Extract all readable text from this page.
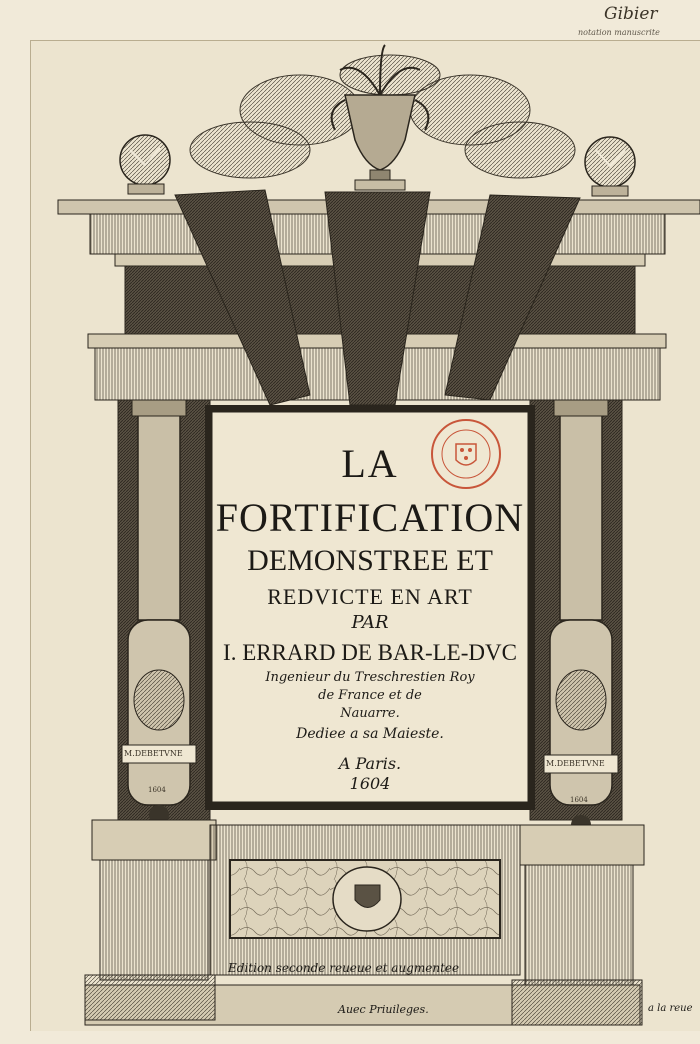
Gibier
notation manuscrite
LA
FORTIFICATION
DEMONSTREE ET
REDVICTE EN ART
PAR
I. ERRARD DE BAR-LE-DVC
Ingenieur du Treschrestien Roy
de France et de
Nauarre.
Dediee a sa Maieste.
A Paris.
1604
M.DEBETVNE
1604
M.DEBETVNE
1604
Edition seconde reueue et augmentee
Auec Priuileges.	a la reue
